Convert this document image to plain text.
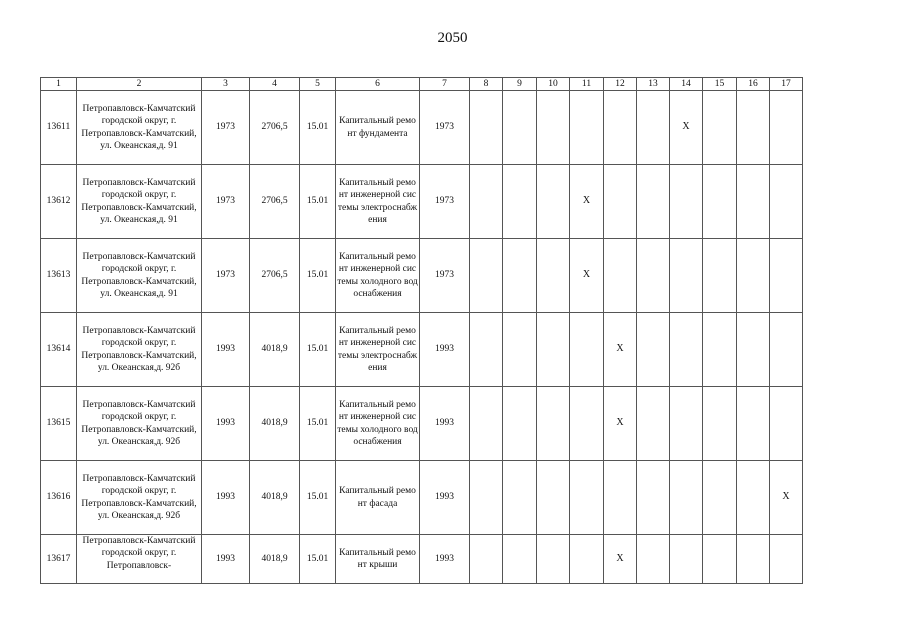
2050
1	2	3	4	5	6	7	8	9	10	11	12	13	14	15	16	17
13611	Петропавловск-Камчатский городской округ, г. Петропавловск-Камчатский, ул. Океанская,д. 91	1973	2706,5	15.01	Капитальный ремонт фундамента	1973							X			
13612	Петропавловск-Камчатский городской округ, г. Петропавловск-Камчатский, ул. Океанская,д. 91	1973	2706,5	15.01	Капитальный ремонт инженерной системы электроснабжения	1973				X						
13613	Петропавловск-Камчатский городской округ, г. Петропавловск-Камчатский, ул. Океанская,д. 91	1973	2706,5	15.01	Капитальный ремонт инженерной системы холодного водоснабжения	1973				X						
13614	Петропавловск-Камчатский городской округ, г. Петропавловск-Камчатский, ул. Океанская,д. 92б	1993	4018,9	15.01	Капитальный ремонт инженерной системы электроснабжения	1993					X					
13615	Петропавловск-Камчатский городской округ, г. Петропавловск-Камчатский, ул. Океанская,д. 92б	1993	4018,9	15.01	Капитальный ремонт инженерной системы холодного водоснабжения	1993					X					
13616	Петропавловск-Камчатский городской округ, г. Петропавловск-Камчатский, ул. Океанская,д. 92б	1993	4018,9	15.01	Капитальный ремонт фасада	1993										X
13617	Петропавловск-Камчатский городской округ, г. Петропавловск-	1993	4018,9	15.01	Капитальный ремонт крыши	1993					X					
